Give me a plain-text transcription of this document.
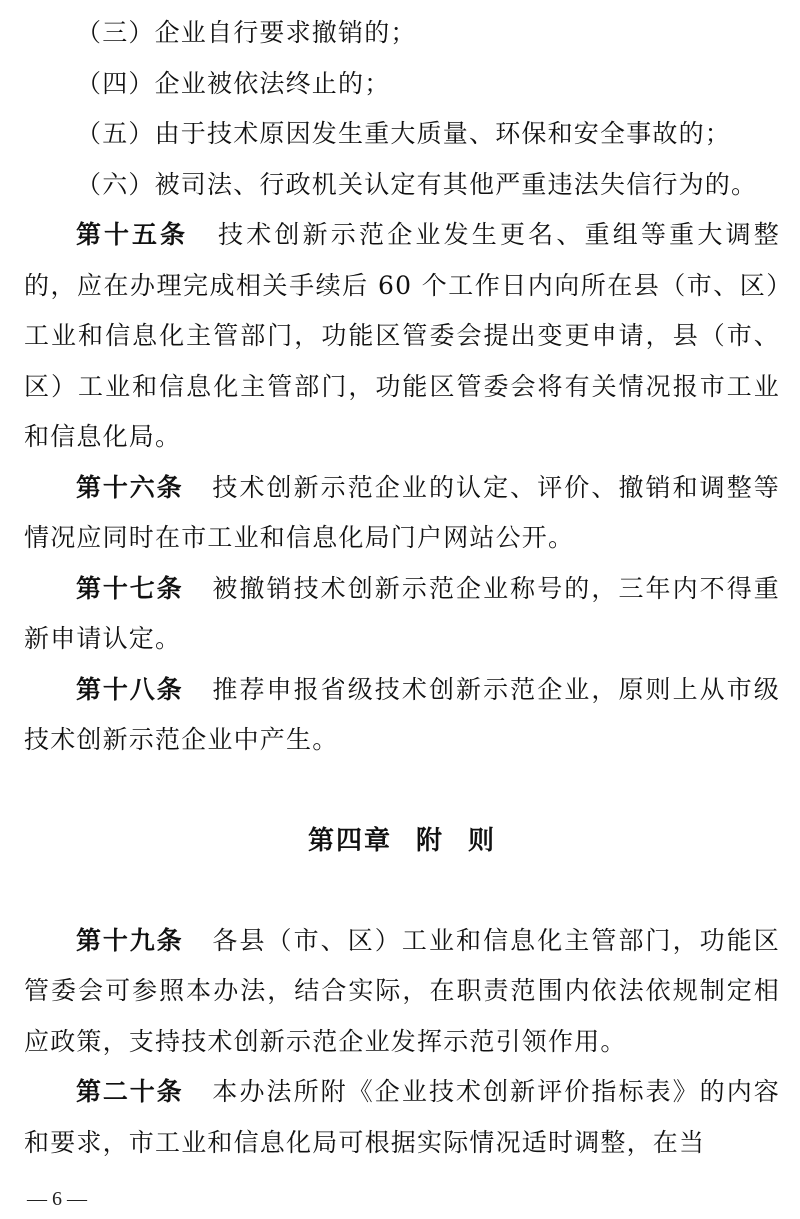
（三）企业自行要求撤销的；

（四）企业被依法终止的；

（五）由于技术原因发生重大质量、环保和安全事故的；

（六）被司法、行政机关认定有其他严重违法失信行为的。

第十五条 技术创新示范企业发生更名、重组等重大调整的，应在办理完成相关手续后 60 个工作日内向所在县（市、区）工业和信息化主管部门，功能区管委会提出变更申请，县（市、区）工业和信息化主管部门，功能区管委会将有关情况报市工业和信息化局。

第十六条 技术创新示范企业的认定、评价、撤销和调整等情况应同时在市工业和信息化局门户网站公开。

第十七条 被撤销技术创新示范企业称号的，三年内不得重新申请认定。

第十八条 推荐申报省级技术创新示范企业，原则上从市级技术创新示范企业中产生。

第四章 附 则

第十九条 各县（市、区）工业和信息化主管部门，功能区管委会可参照本办法，结合实际，在职责范围内依法依规制定相应政策，支持技术创新示范企业发挥示范引领作用。

第二十条 本办法所附《企业技术创新评价指标表》的内容和要求，市工业和信息化局可根据实际情况适时调整，在当

— 6 —
